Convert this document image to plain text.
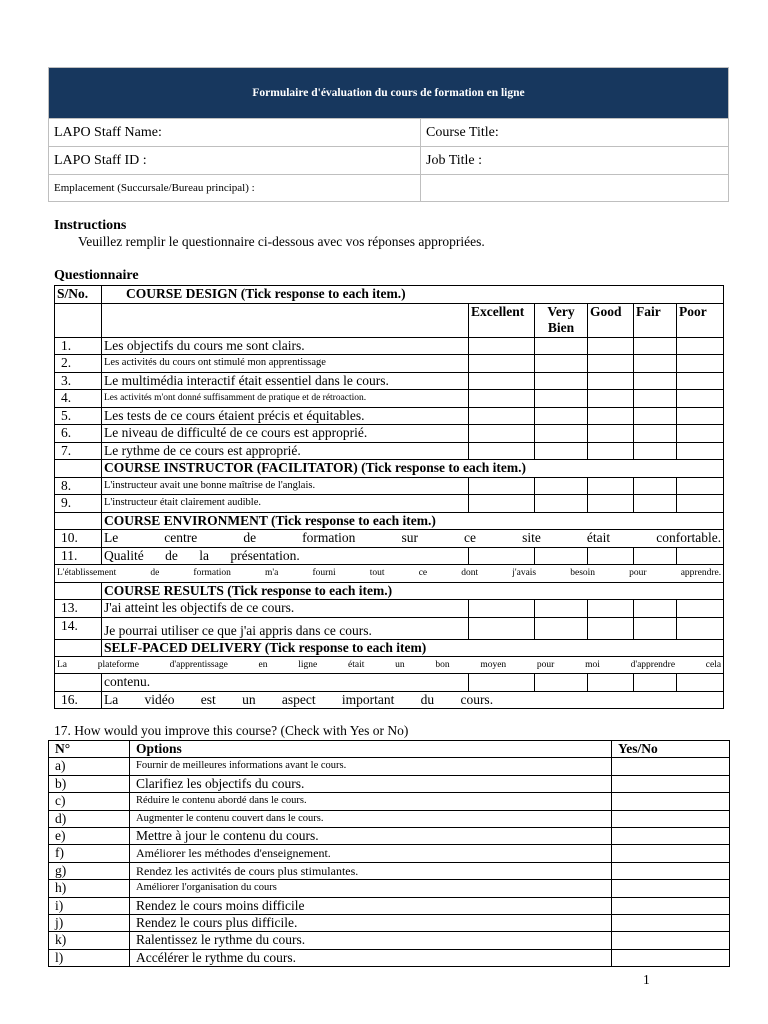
Formulaire d'évaluation du cours de formation en ligne	
LAPO Staff Name:	Course Title:
LAPO Staff ID :	Job Title :
Emplacement (Succursale/Bureau principal) :	
Instructions
Veuillez remplir le questionnaire ci-dessous avec vos réponses appropriées.
Questionnaire
S/No.	COURSE DESIGN (Tick response to each item.)					
		Excellent	Very Bien	Good	Fair	Poor
1.	Les objectifs du cours me sont clairs.					
2.	Les activités du cours ont stimulé mon apprentissage					
3.	Le multimédia interactif était essentiel dans le cours.					
4.	Les activités m'ont donné suffisamment de pratique et de rétroaction.					
5.	Les tests de ce cours étaient précis et équitables.					
6.	Le niveau de difficulté de ce cours est approprié.					
7.	Le rythme de ce cours est approprié.					
	COURSE INSTRUCTOR (FACILITATOR) (Tick response to each item.)					
8.	L'instructeur avait une bonne maîtrise de l'anglais.					
9.	L'instructeur était clairement audible.					
	COURSE ENVIRONMENT (Tick response to each item.)					
10.	Le centre de formation sur ce site était confortable.					
11.	Qualité de la présentation.					
L'établissement de formation m'a fourni tout ce dont j'avais besoin pour apprendre.						
	COURSE RESULTS (Tick response to each item.)					
13.	J'ai atteint les objectifs de ce cours.					
14.	Je pourrai utiliser ce que j'ai appris dans ce cours.					
	SELF-PACED DELIVERY (Tick response to each item)					
La plateforme d'apprentissage en ligne était un bon moyen pour moi d'apprendre cela						
	contenu.					
16.	La vidéo est un aspect important du cours.					
17. How would you improve this course? (Check with Yes or No)
N°	Options	Yes/No
a)	Fournir de meilleures informations avant le cours.	
b)	Clarifiez les objectifs du cours.	
c)	Réduire le contenu abordé dans le cours.	
d)	Augmenter le contenu couvert dans le cours.	
e)	Mettre à jour le contenu du cours.	
f)	Améliorer les méthodes d'enseignement.	
g)	Rendez les activités de cours plus stimulantes.	
h)	Améliorer l'organisation du cours	
i)	Rendez le cours moins difficile	
j)	Rendez le cours plus difficile.	
k)	Ralentissez le rythme du cours.	
l)	Accélérer le rythme du cours.	
1
